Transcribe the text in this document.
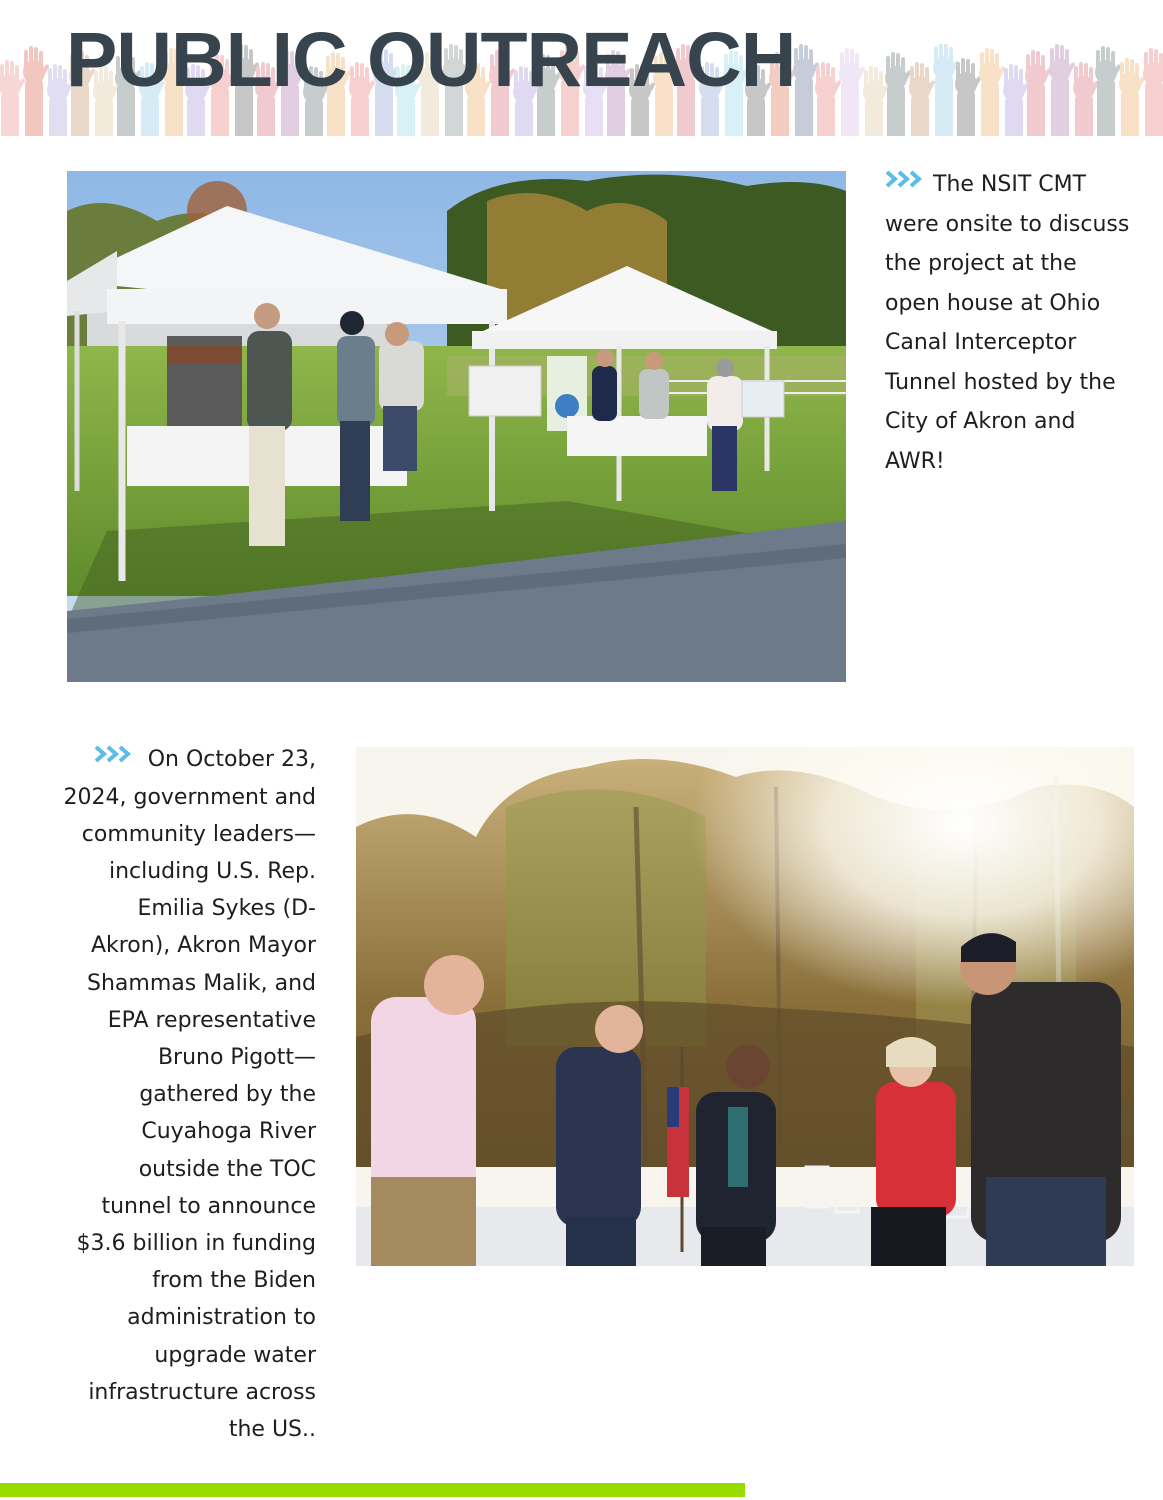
PUBLIC OUTREACH
The NSIT CMT were onsite to discuss the project at the open house at Ohio Canal Interceptor Tunnel hosted by the City of Akron and AWR!
On October 23, 2024, government and community leaders—including U.S. Rep. Emilia Sykes (D-Akron), Akron Mayor Shammas Malik, and EPA representative Bruno Pigott—gathered by the Cuyahoga River outside the TOC tunnel to announce $3.6 billion in funding from the Biden administration to upgrade water infrastructure across the US..
